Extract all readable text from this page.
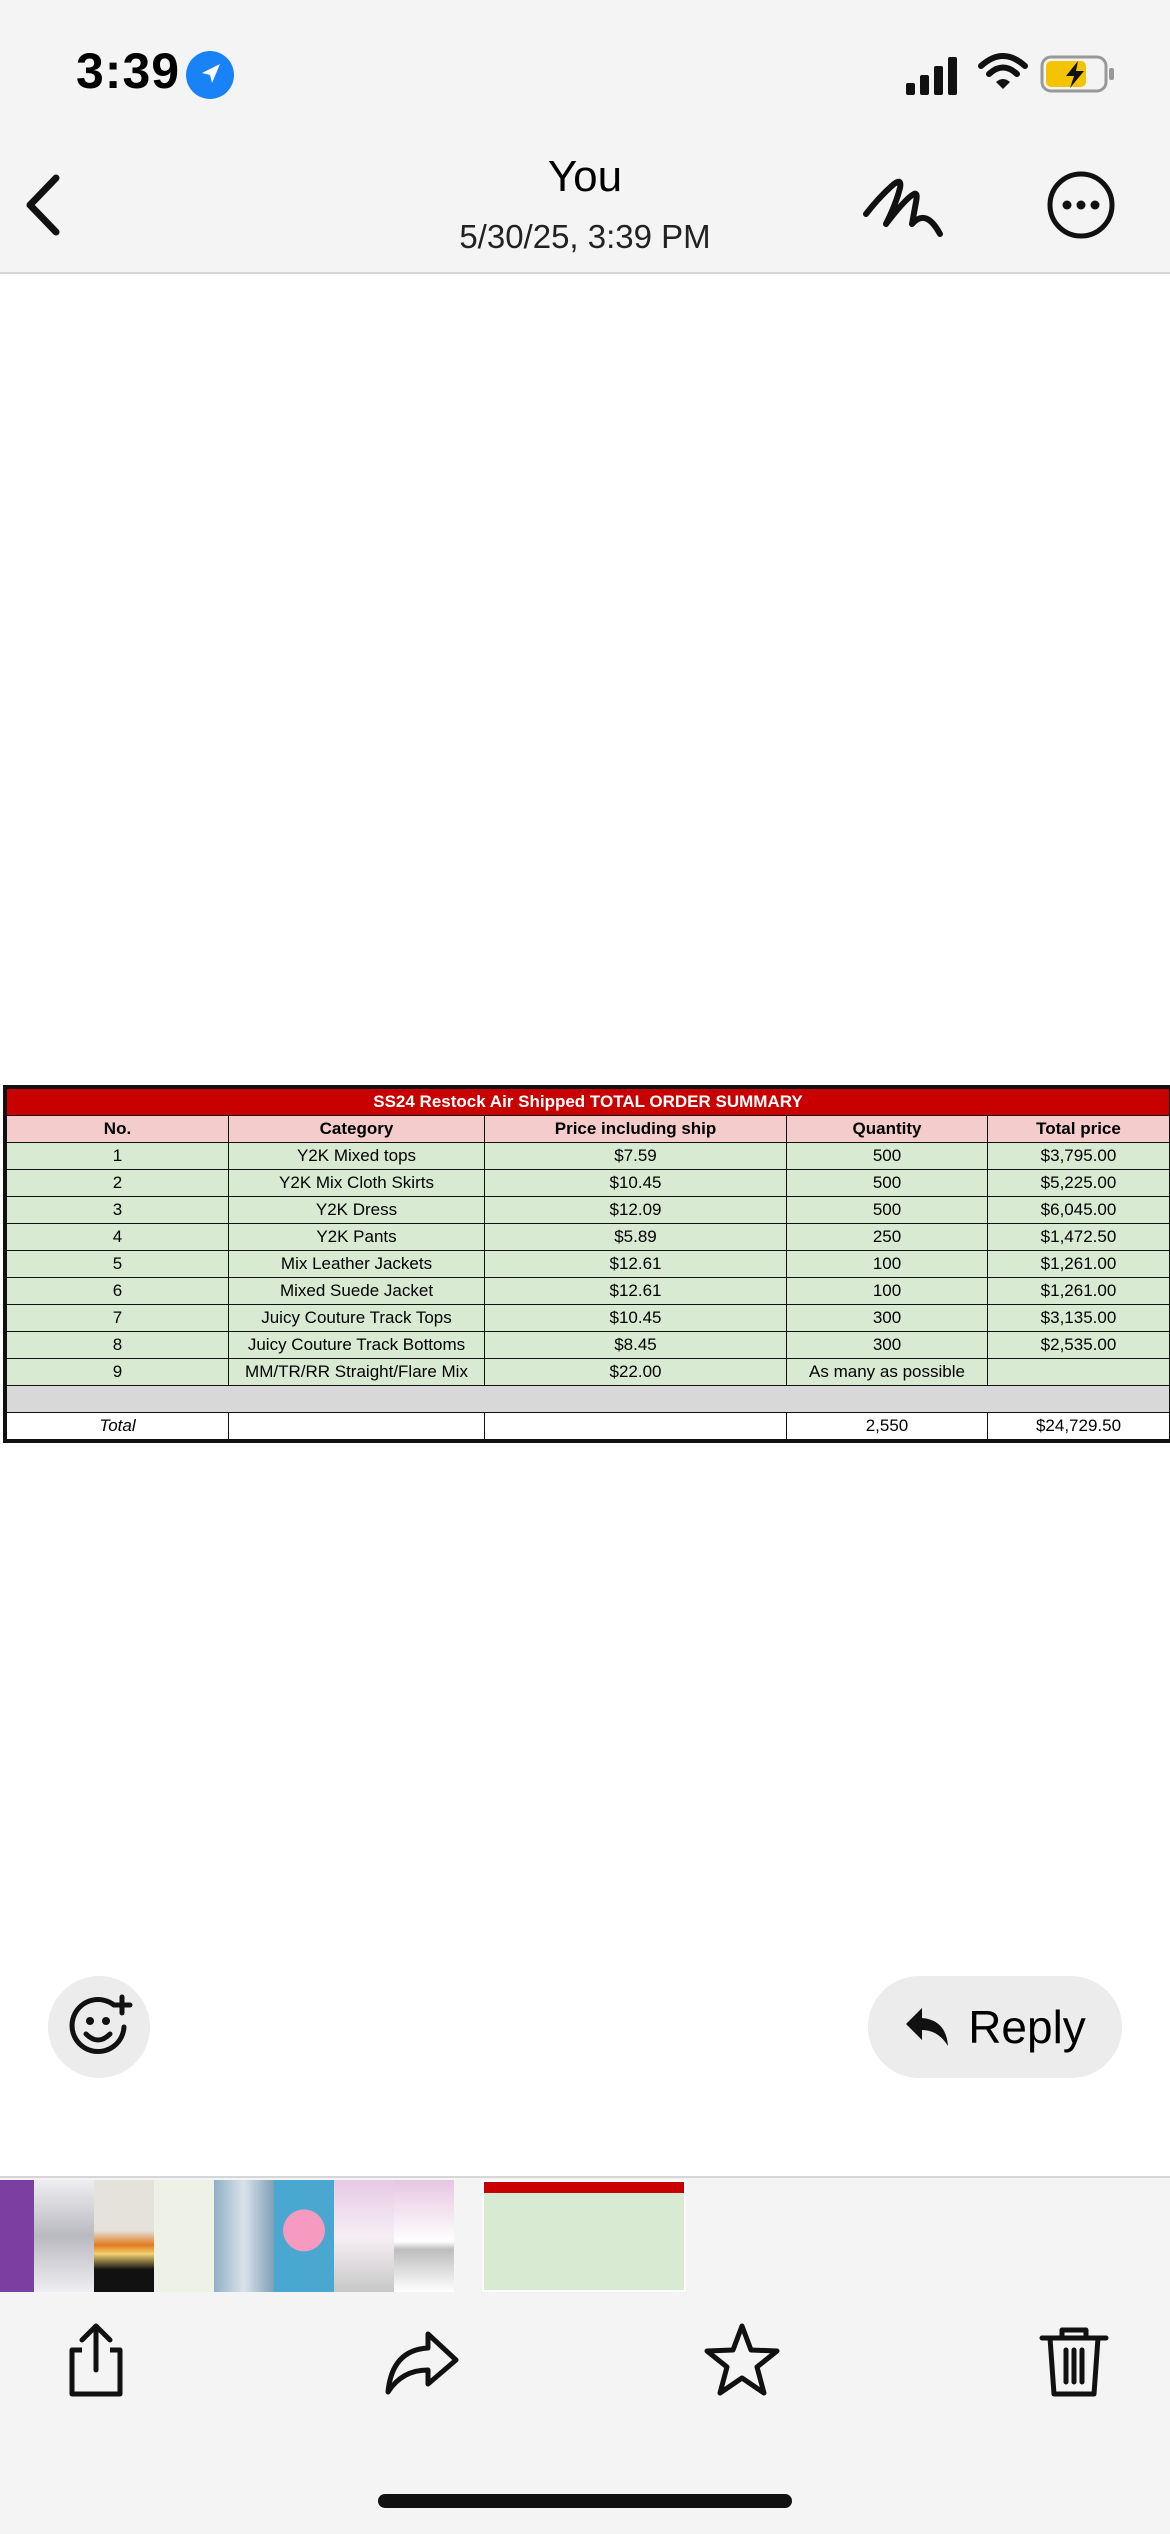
3:39
You
5/30/25, 3:39 PM
SS24 Restock Air Shipped TOTAL ORDER SUMMARY				
No.	Category	Price including ship	Quantity	Total price
1	Y2K Mixed tops	$7.59	500	$3,795.00
2	Y2K Mix Cloth Skirts	$10.45	500	$5,225.00
3	Y2K Dress	$12.09	500	$6,045.00
4	Y2K Pants	$5.89	250	$1,472.50
5	Mix Leather Jackets	$12.61	100	$1,261.00
6	Mixed Suede Jacket	$12.61	100	$1,261.00
7	Juicy Couture Track Tops	$10.45	300	$3,135.00
8	Juicy Couture Track Bottoms	$8.45	300	$2,535.00
9	MM/TR/RR Straight/Flare Mix	$22.00	As many as possible	

Total			2,550	$24,729.50
Reply
